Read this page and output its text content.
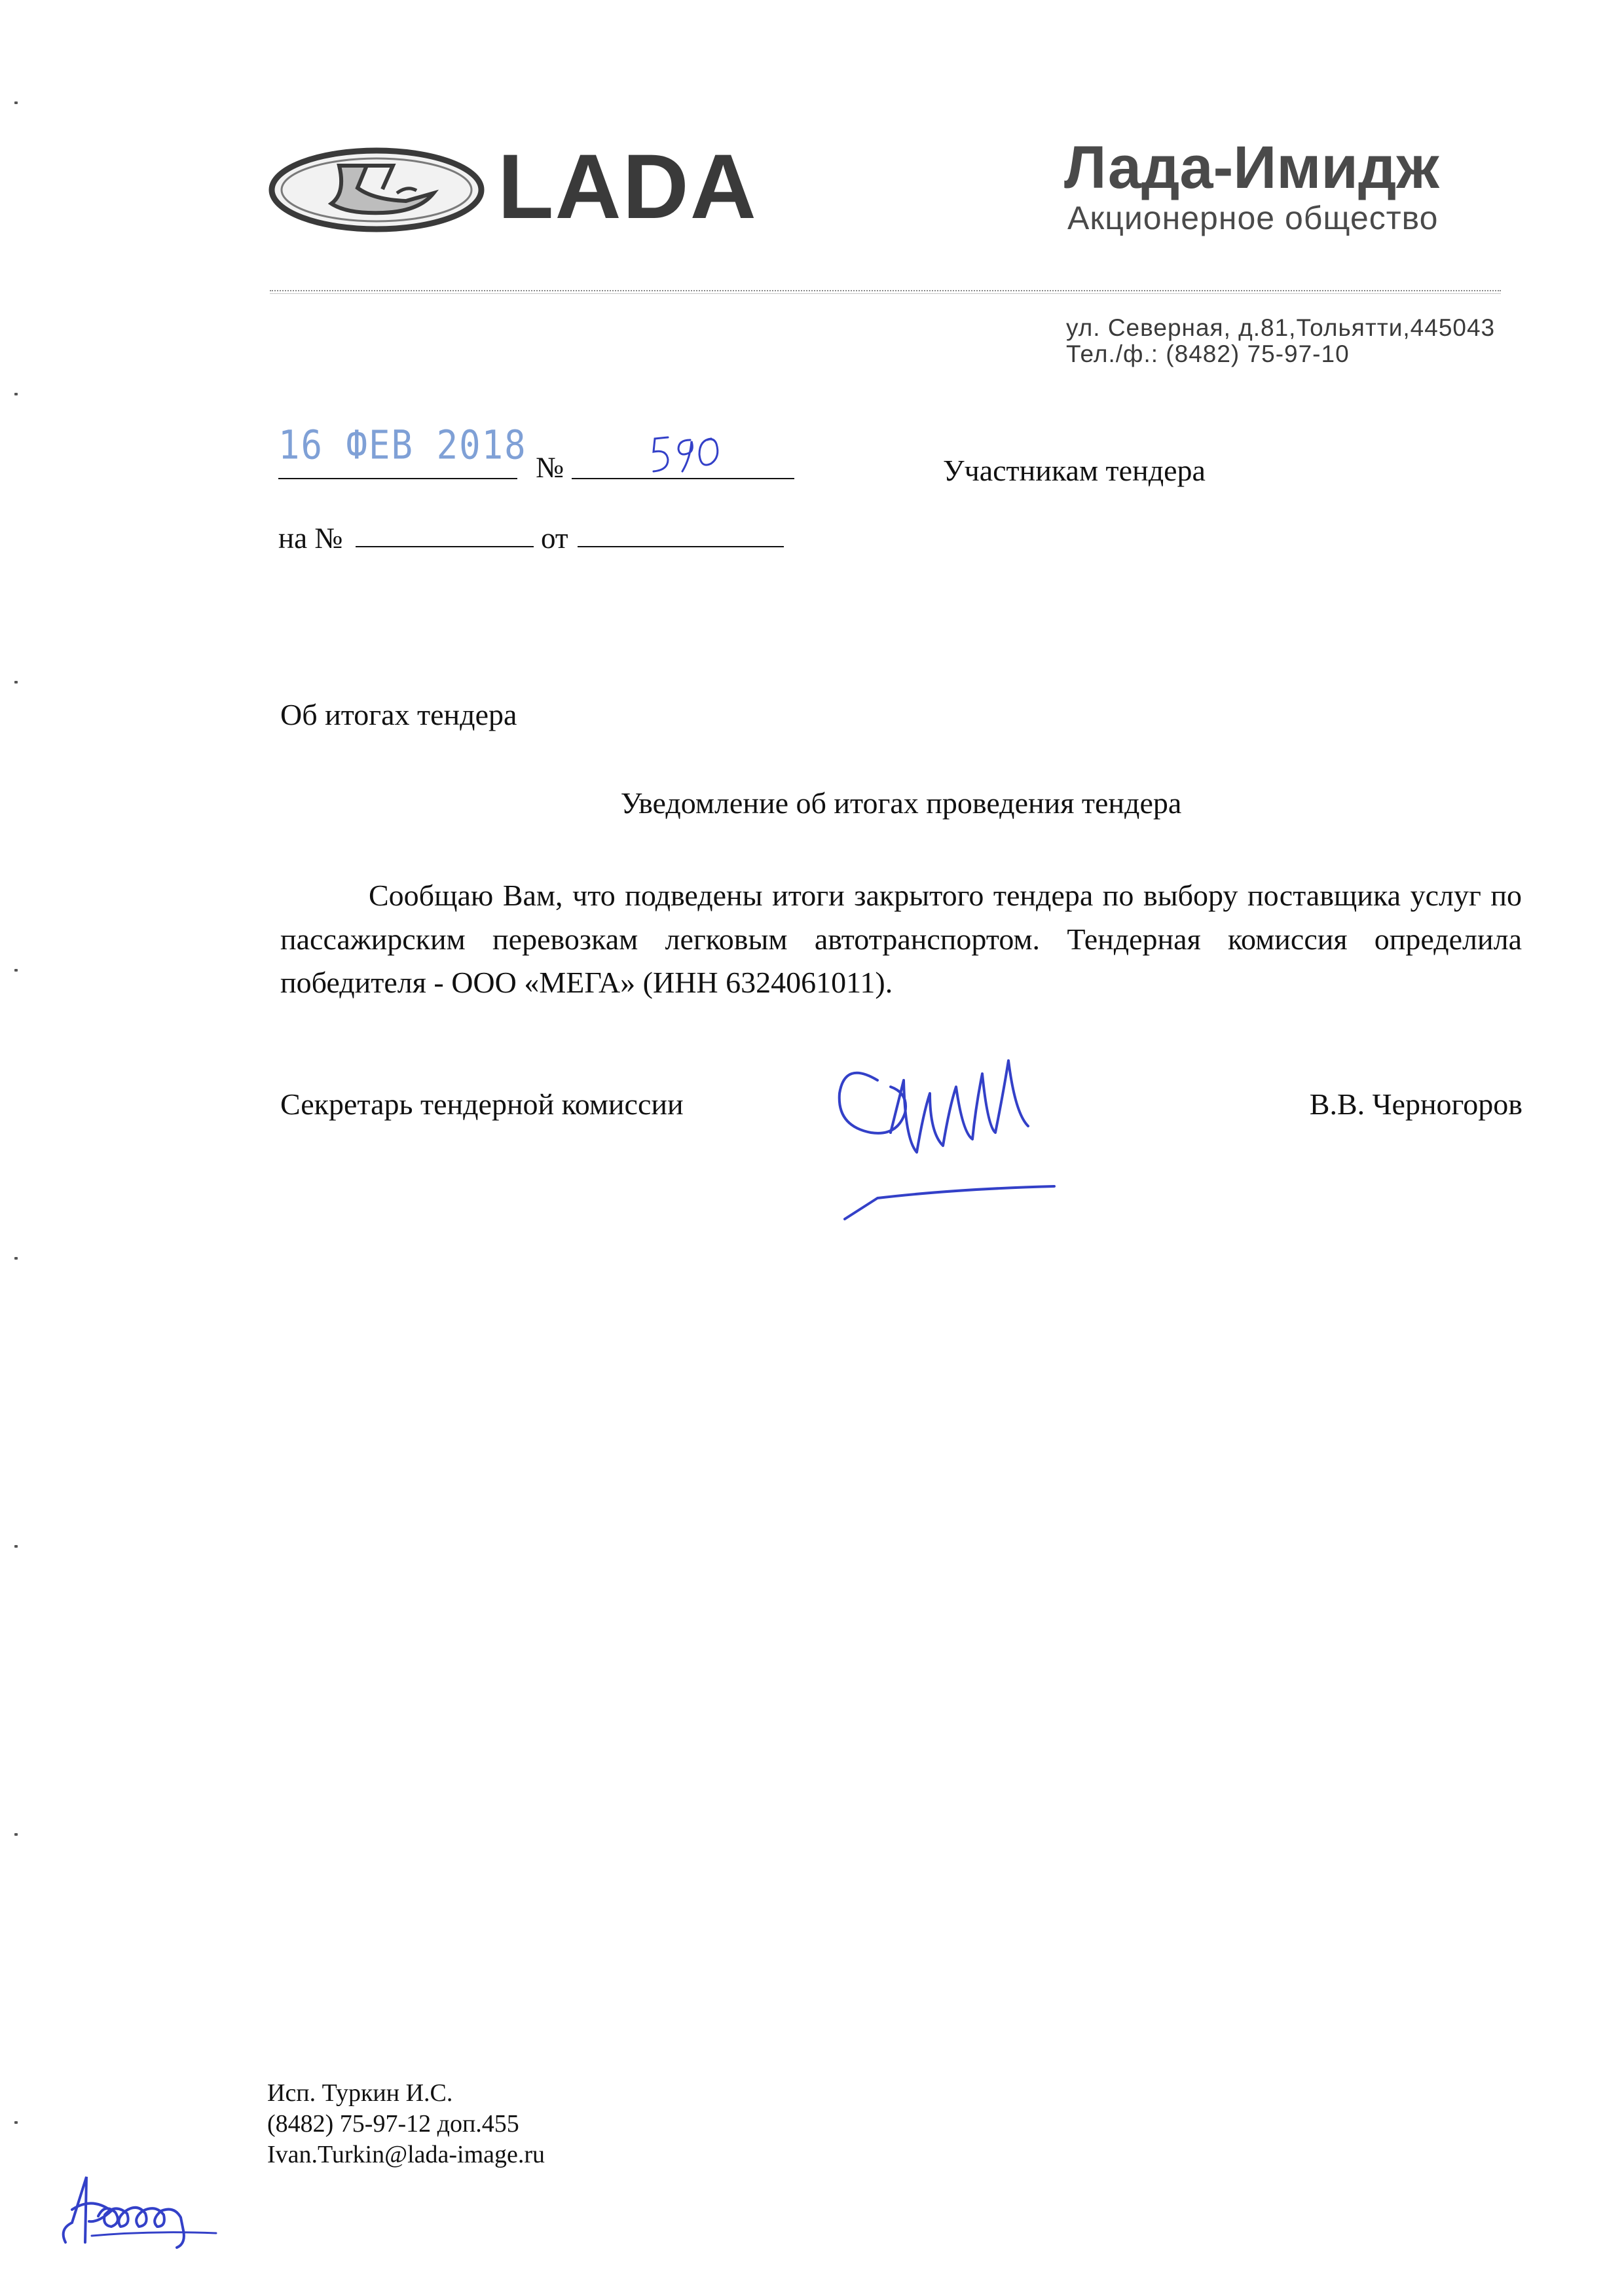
LADA	Лада-Имидж
Акционерное общество
ул. Северная, д.81,Тольятти,445043
Тел./ф.: (8482) 75-97-10
16 ФЕВ 2018 №	Участникам тендера
на №	от
Об итогах тендера
Уведомление об итогах проведения тендера
Сообщаю Вам, что подведены итоги закрытого тендера по выбору поставщика услуг по пассажирским перевозкам легковым автотранспортом. Тендерная комиссия определила победителя - ООО «МЕГА» (ИНН 6324061011).
Секретарь тендерной комиссии	В.В. Черногоров
Исп. Туркин И.С.
(8482) 75-97-12 доп.455
Ivan.Turkin@lada-image.ru
